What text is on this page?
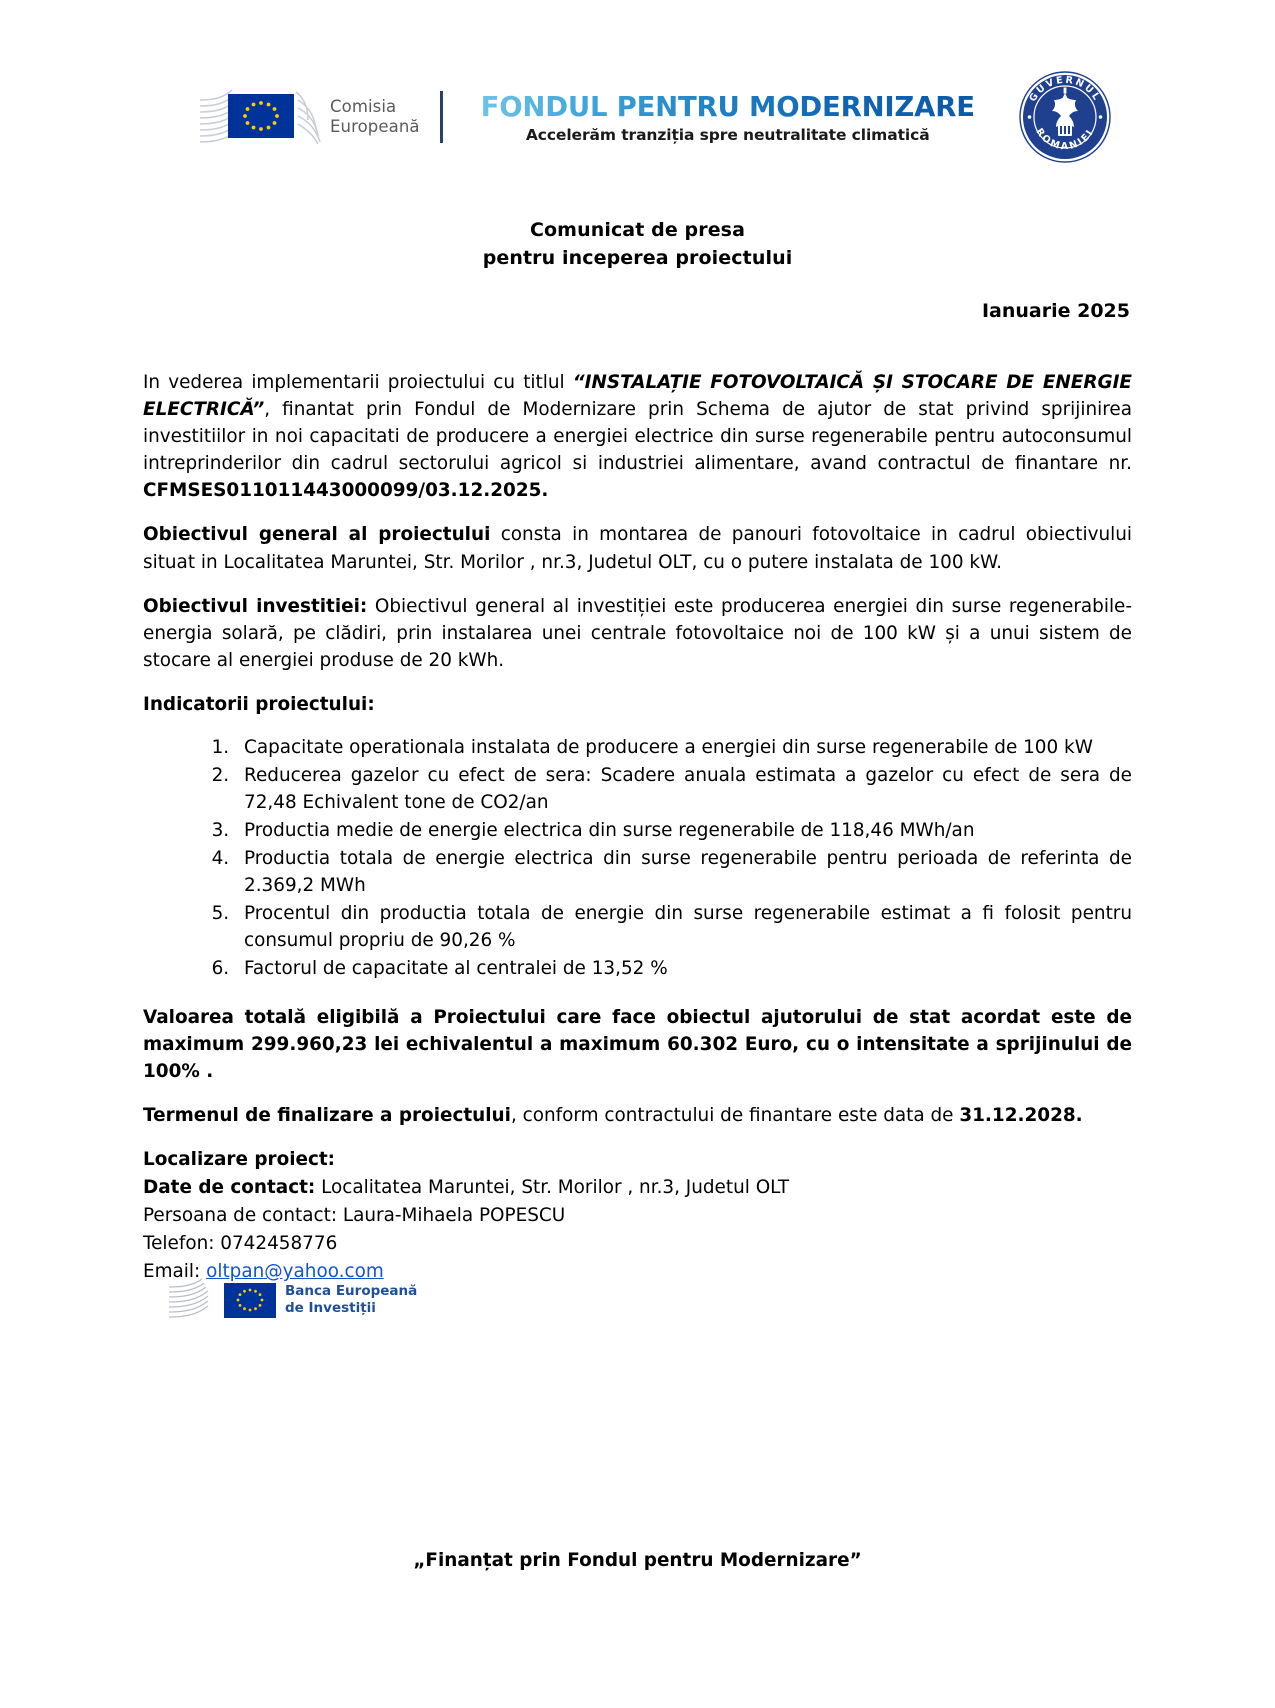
Comisia
Europeană
FONDUL PENTRU MODERNIZARE
Accelerăm tranziția spre neutralitate climatică
GUVERNUL
ROMANIEI
Comunicat de presa
pentru inceperea proiectului
Ianuarie 2025

In vederea implementarii proiectului cu titlul “INSTALAȚIE FOTOVOLTAICĂ ȘI STOCARE DE ENERGIE ELECTRICĂ”, finantat prin Fondul de Modernizare prin Schema de ajutor de stat privind sprijinirea investitiilor in noi capacitati de producere a energiei electrice din surse regenerabile pentru autoconsumul intreprinderilor din cadrul sectorului agricol si industriei alimentare, avand contractul de finantare nr. CFMSES011011443000099/03.12.2025.

Obiectivul general al proiectului consta in montarea de panouri fotovoltaice in cadrul obiectivului situat in Localitatea Maruntei, Str. Morilor , nr.3, Judetul OLT, cu o putere instalata de 100 kW.

Obiectivul investitiei: Obiectivul general al investiției este producerea energiei din surse regenerabile- energia solară, pe clădiri, prin instalarea unei centrale fotovoltaice noi de 100 kW și a unui sistem de stocare al energiei produse de 20 kWh.

Indicatorii proiectului:

1. Capacitate operationala instalata de producere a energiei din surse regenerabile de 100 kW
2. Reducerea gazelor cu efect de sera: Scadere anuala estimata a gazelor cu efect de sera de 72,48 Echivalent tone de CO2/an
3. Productia medie de energie electrica din surse regenerabile de 118,46 MWh/an
4. Productia totala de energie electrica din surse regenerabile pentru perioada de referinta de 2.369,2 MWh
5. Procentul din productia totala de energie din surse regenerabile estimat a fi folosit pentru consumul propriu de 90,26 %
6. Factorul de capacitate al centralei de 13,52 %

Valoarea totală eligibilă a Proiectului care face obiectul ajutorului de stat acordat este de maximum 299.960,23 lei echivalentul a maximum 60.302 Euro, cu o intensitate a sprijinului de 100% .

Termenul de finalizare a proiectului, conform contractului de finantare este data de 31.12.2028.

Localizare proiect:

Date de contact: Localitatea Maruntei, Str. Morilor , nr.3, Judetul OLT

Persoana de contact: Laura-Mihaela POPESCU

Telefon: 0742458776

Email: oltpan@yahoo.com

Banca Europeană
de Investiții
„Finanțat prin Fondul pentru Modernizare”
